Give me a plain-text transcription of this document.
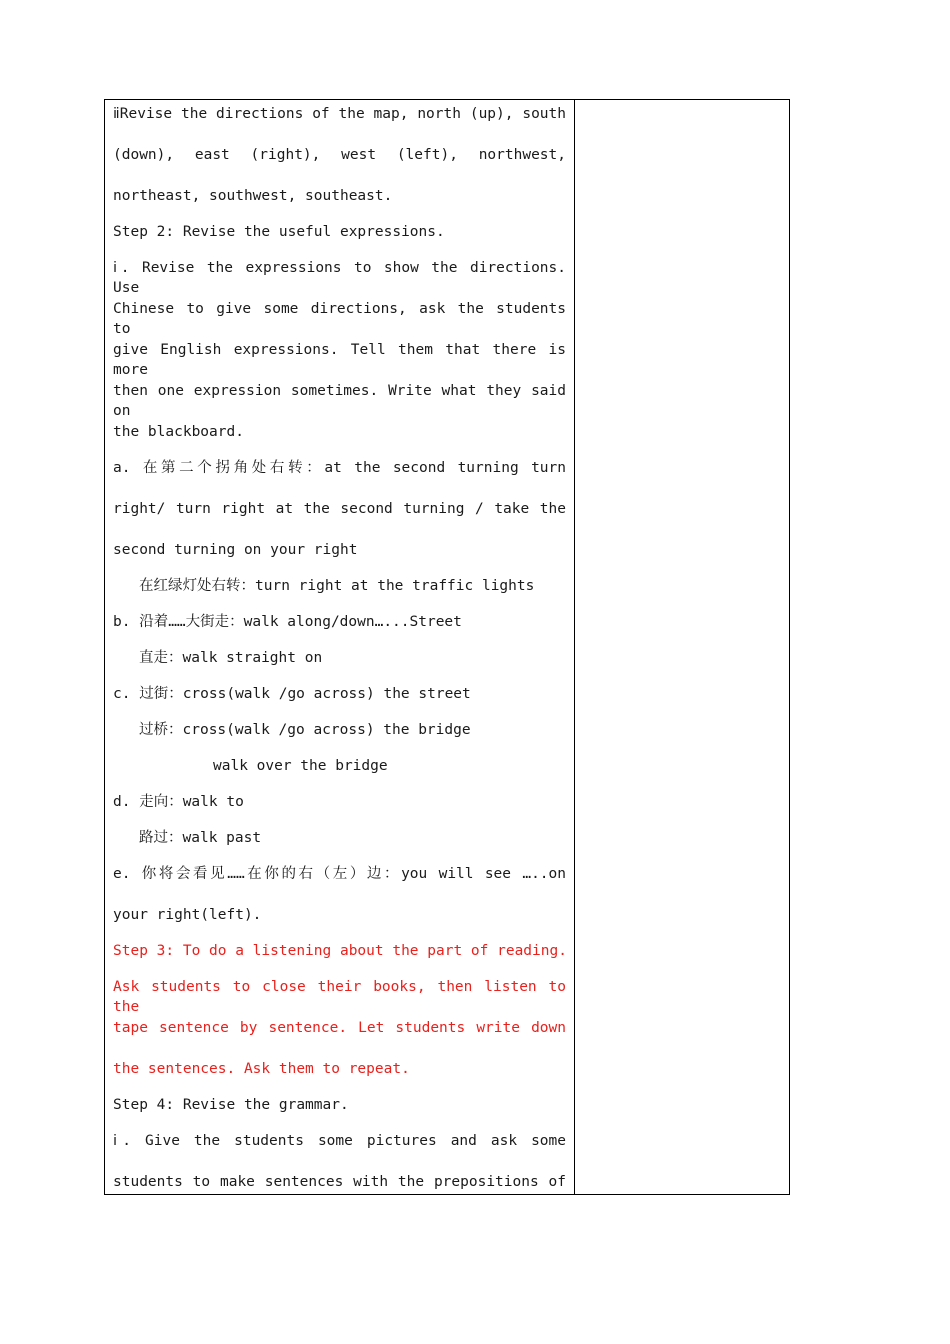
ⅱRevise the directions of the map, north (up), south
(down), east (right), west (left), northwest,
northeast, southwest, southeast.
Step 2: Revise the useful expressions.
ⅰ. Revise the expressions to show the directions. Use
Chinese to give some directions, ask the students to
give English expressions. Tell them that there is more
then one expression sometimes. Write what they said on
the blackboard.
a. 在第二个拐角处右转：at the second turning turn
right/ turn right at the second turning / take the
second turning on your right
在红绿灯处右转：turn right at the traffic lights
b. 沿着……大街走：walk along/down…...Street
直走：walk straight on
c. 过街：cross(walk /go across) the street
过桥：cross(walk /go across) the bridge
walk over the bridge
d. 走向：walk to
路过：walk past
e. 你将会看见……在你的右（左）边：you will see …..on
your right(left).
Step 3: To do a listening about the part of reading.
Ask students to close their books, then listen to the
tape sentence by sentence. Let students write down
the sentences. Ask them to repeat.
Step 4: Revise the grammar.
ⅰ. Give the students some pictures and ask some
students to make sentences with the prepositions of
